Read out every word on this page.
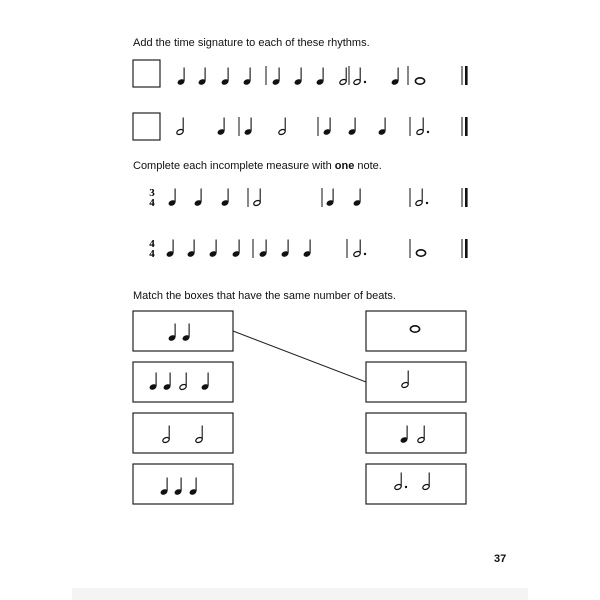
Add the time signature to each of these rhythms.
Complete each incomplete measure with one note.
Match the boxes that have the same number of beats.
37
3
4
4
4
